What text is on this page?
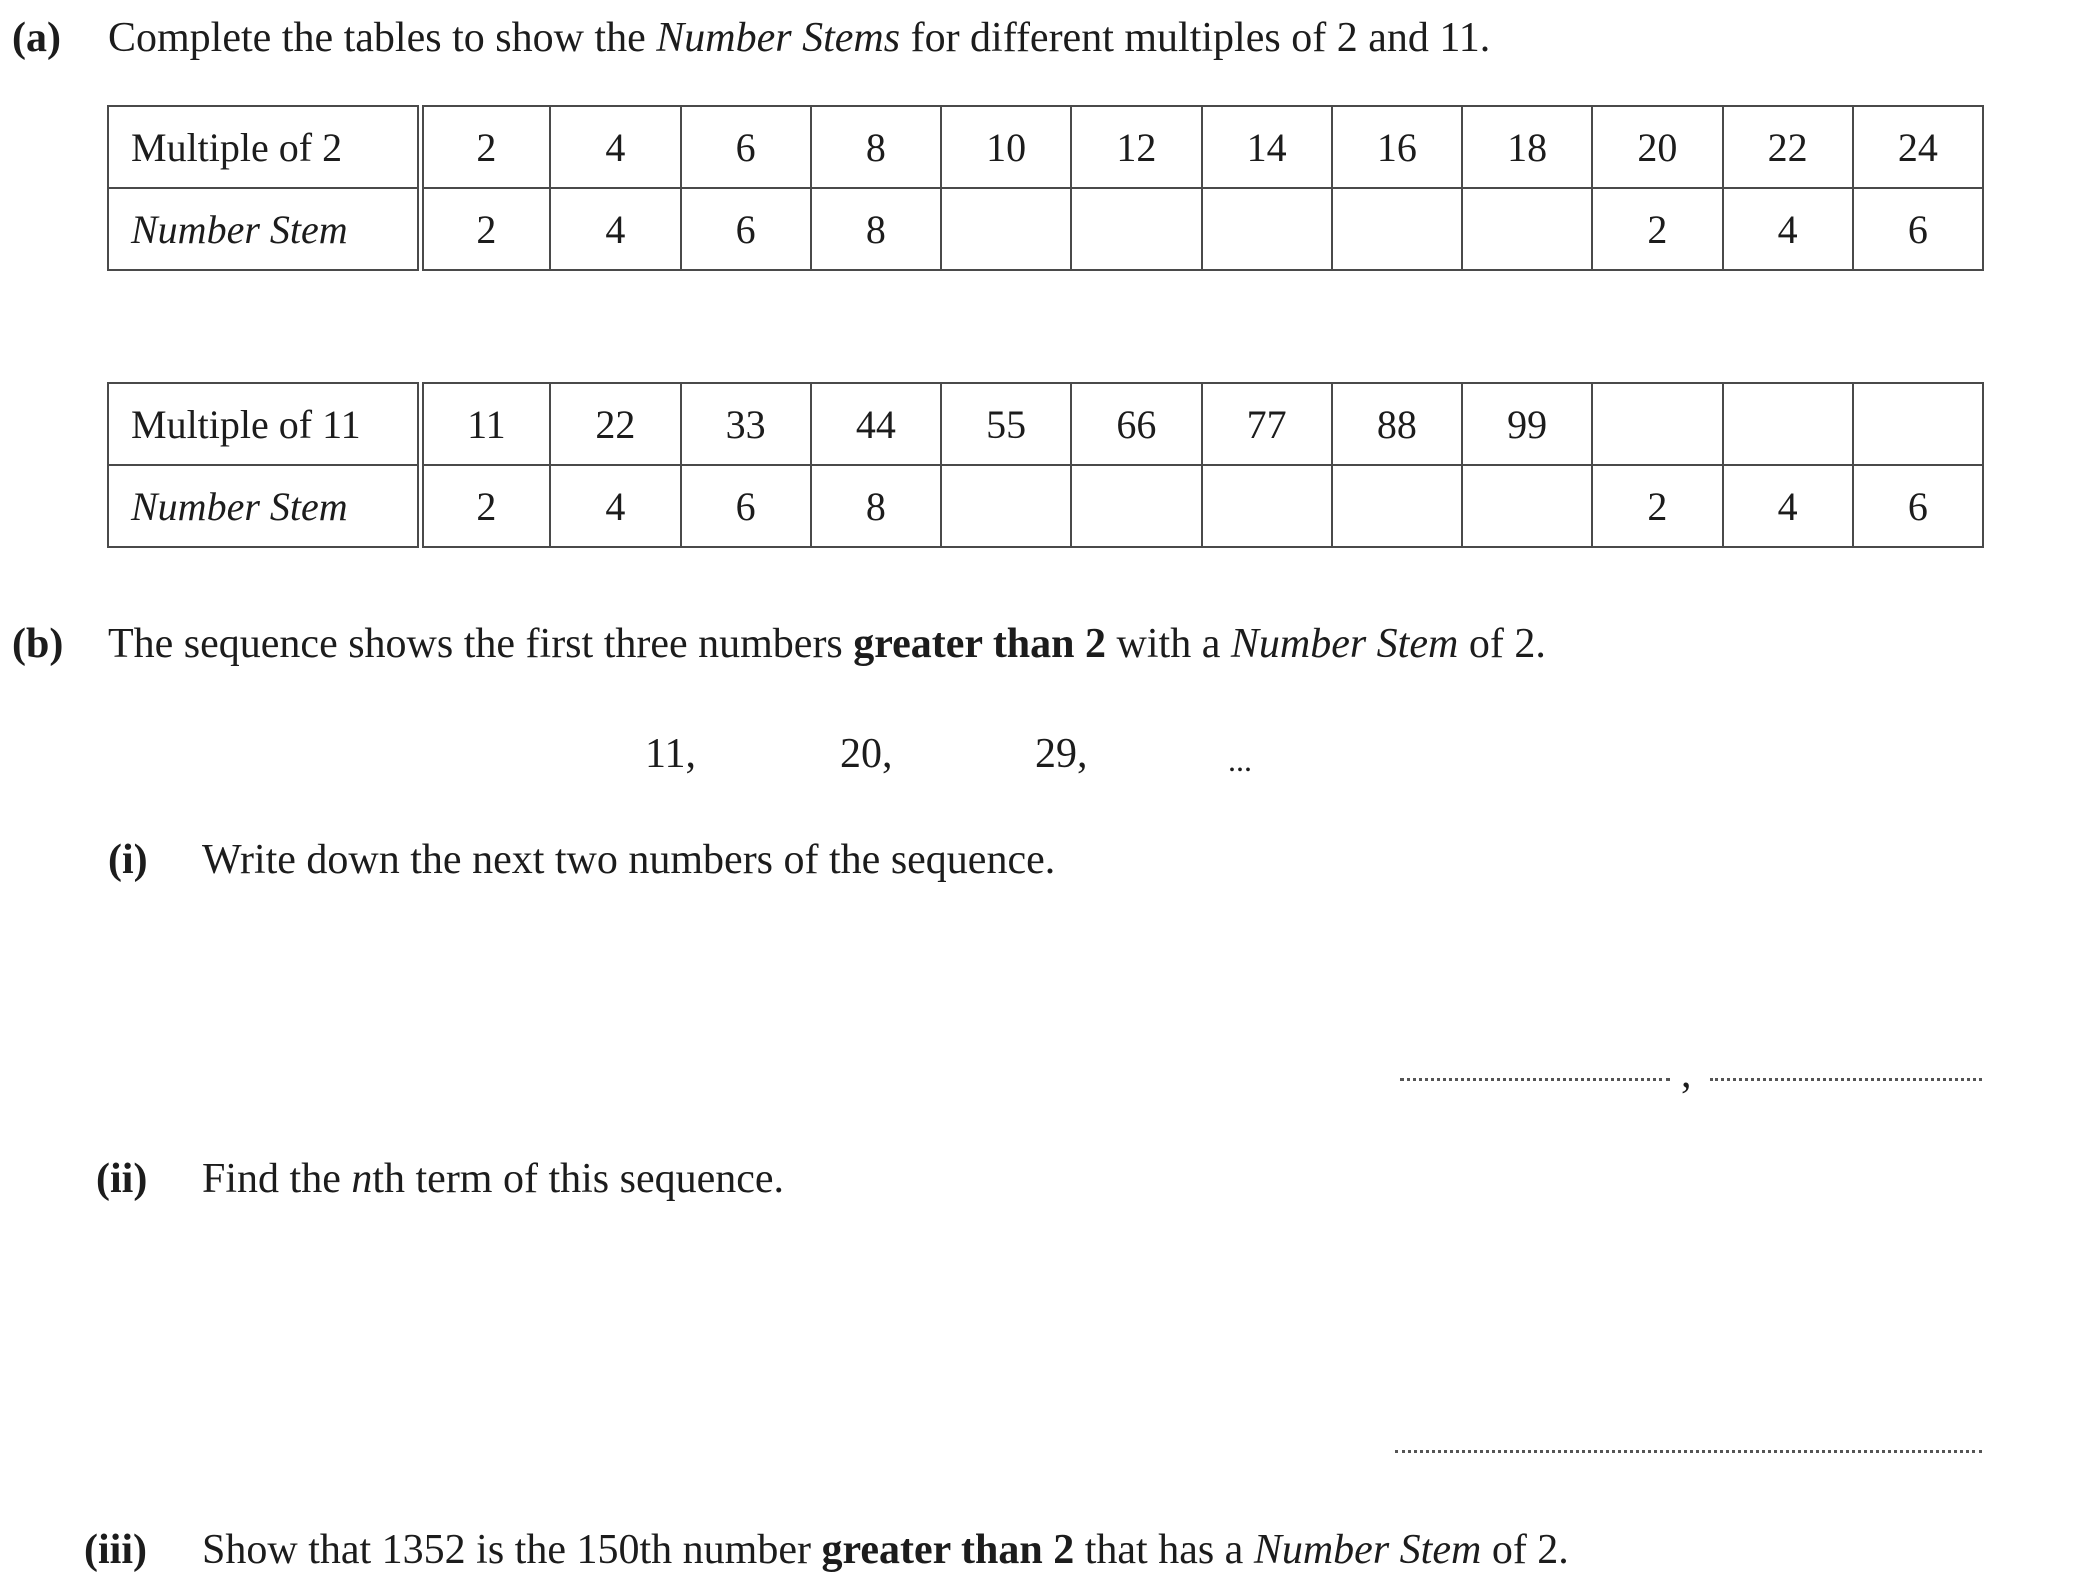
(a) Complete the tables to show the Number Stems for different multiples of 2 and 11.
Multiple of 2	2	4	6	8	10	12	14	16	18	20	22	24
Number Stem	2	4	6	8						2	4	6
Multiple of 11	11	22	33	44	55	66	77	88	99			
Number Stem	2	4	6	8						2	4	6
(b) The sequence shows the first three numbers greater than 2 with a Number Stem of 2.
11,	20,	29,	...
(i) Write down the next two numbers of the sequence.
,
(ii) Find the nth term of this sequence.
(iii) Show that 1352 is the 150th number greater than 2 that has a Number Stem of 2.
